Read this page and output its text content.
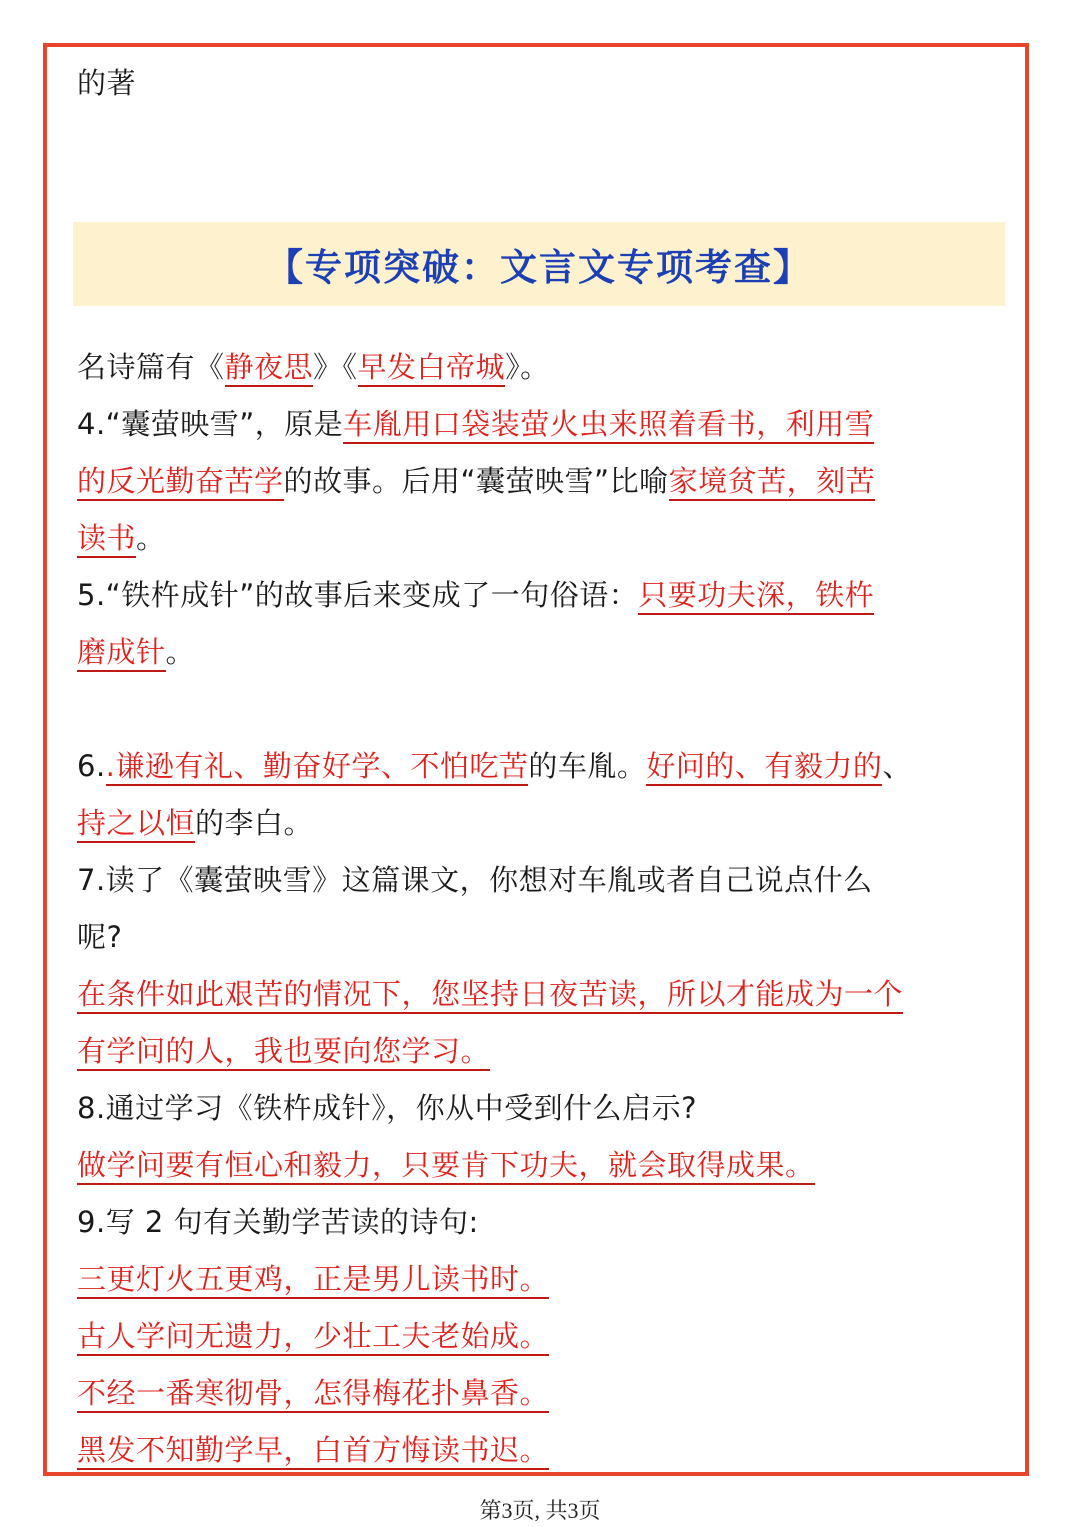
的著
【专项突破：文言文专项考查】
名诗篇有《静夜思》《早发白帝城》。
4.“囊萤映雪”，原是车胤用口袋装萤火虫来照着看书，利用雪
的反光勤奋苦学的故事。后用“囊萤映雪”比喻家境贫苦，刻苦
读书。
5.“铁杵成针”的故事后来变成了一句俗语：只要功夫深，铁杵
磨成针。
6..谦逊有礼、勤奋好学、不怕吃苦的车胤。好问的、有毅力的、
持之以恒的李白。
7.读了《囊萤映雪》这篇课文，你想对车胤或者自己说点什么
呢?
在条件如此艰苦的情况下，您坚持日夜苦读，所以才能成为一个
有学问的人，我也要向您学习。
8.通过学习《铁杵成针》，你从中受到什么启示?
做学问要有恒心和毅力，只要肯下功夫，就会取得成果。
9.写 2 句有关勤学苦读的诗句:
三更灯火五更鸡，正是男儿读书时。
古人学问无遗力，少壮工夫老始成。
不经一番寒彻骨，怎得梅花扑鼻香。
黑发不知勤学早，白首方悔读书迟。
第3页, 共3页
